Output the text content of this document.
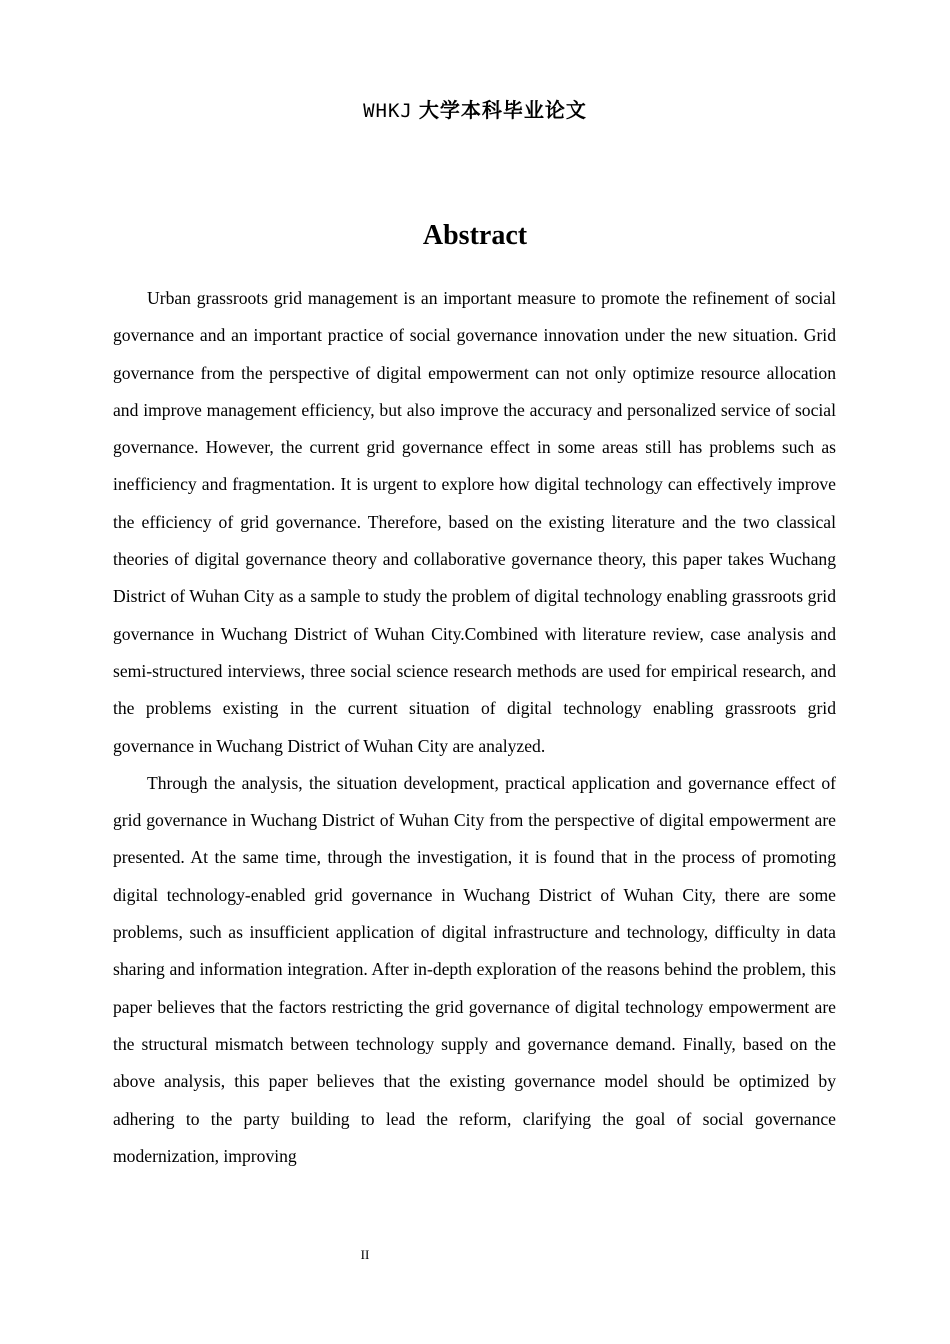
WHKJ 大学本科毕业论文
Abstract

Urban grassroots grid management is an important measure to promote the refinement of social governance and an important practice of social governance innovation under the new situation. Grid governance from the perspective of digital empowerment can not only optimize resource allocation and improve management efficiency, but also improve the accuracy and personalized service of social governance. However, the current grid governance effect in some areas still has problems such as inefficiency and fragmentation. It is urgent to explore how digital technology can effectively improve the efficiency of grid governance. Therefore, based on the existing literature and the two classical theories of digital governance theory and collaborative governance theory, this paper takes Wuchang District of Wuhan City as a sample to study the problem of digital technology enabling grassroots grid governance in Wuchang District of Wuhan City.Combined with literature review, case analysis and semi-structured interviews, three social science research methods are used for empirical research, and the problems existing in the current situation of digital technology enabling grassroots grid governance in Wuchang District of Wuhan City are analyzed.

Through the analysis, the situation development, practical application and governance effect of grid governance in Wuchang District of Wuhan City from the perspective of digital empowerment are presented. At the same time, through the investigation, it is found that in the process of promoting digital technology-enabled grid governance in Wuchang District of Wuhan City, there are some problems, such as insufficient application of digital infrastructure and technology, difficulty in data sharing and information integration. After in-depth exploration of the reasons behind the problem, this paper believes that the factors restricting the grid governance of digital technology empowerment are the structural mismatch between technology supply and governance demand. Finally, based on the above analysis, this paper believes that the existing governance model should be optimized by adhering to the party building to lead the reform, clarifying the goal of social governance modernization, improving

II
